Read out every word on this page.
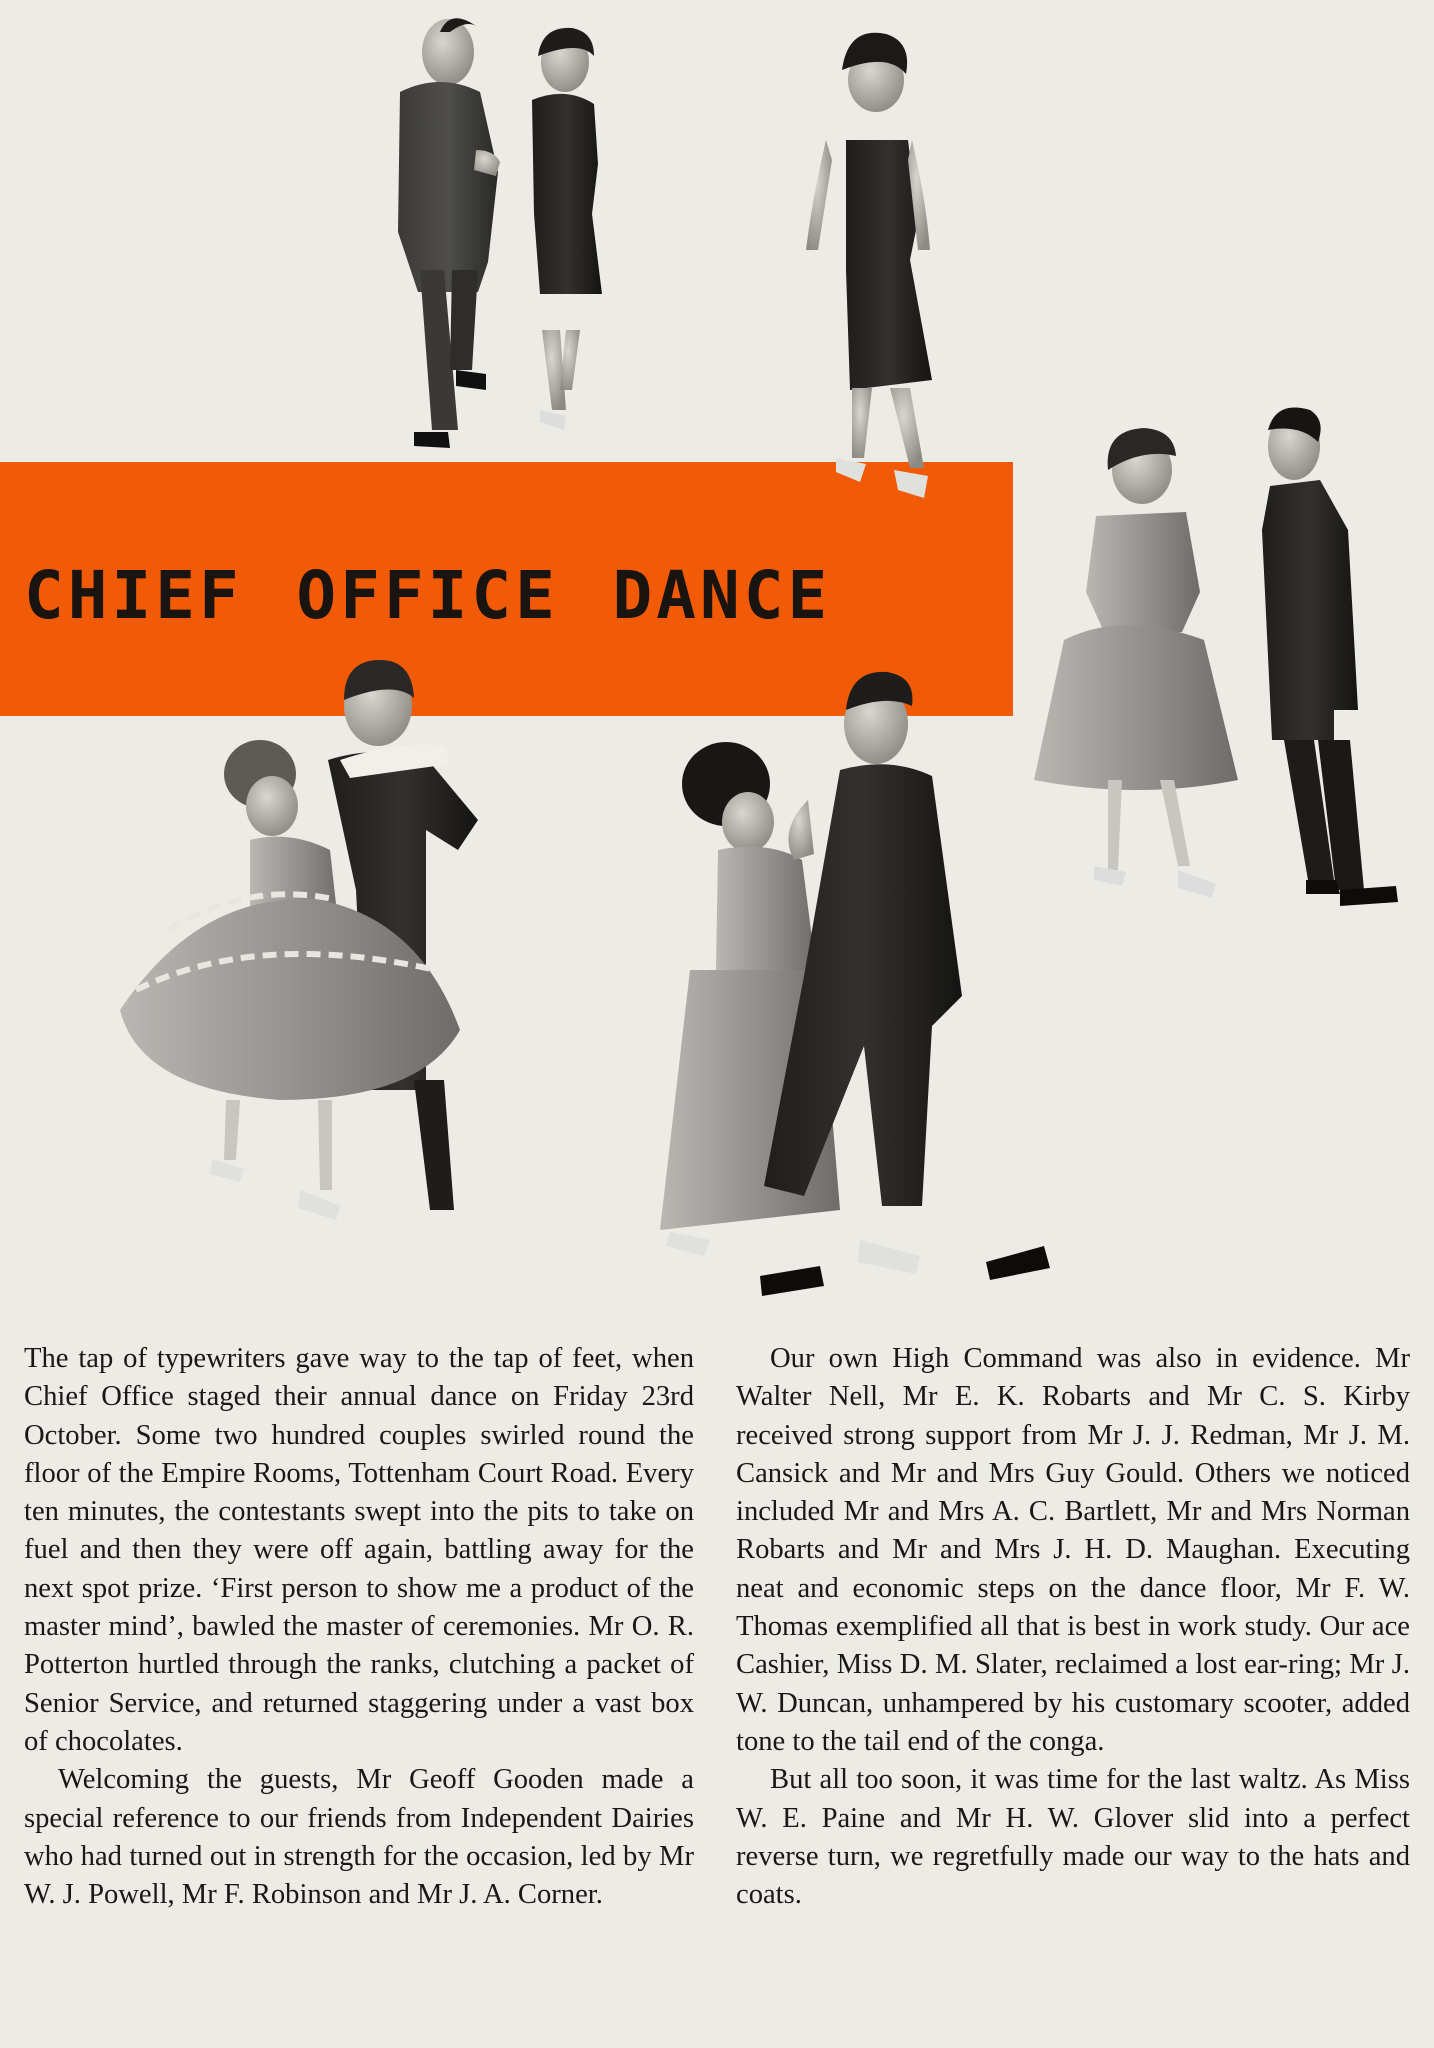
CHIEF OFFICE DANCE

The tap of typewriters gave way to the tap of feet, when Chief Office staged their annual dance on Friday 23rd October. Some two hundred couples swirled round the floor of the Empire Rooms, Tottenham Court Road. Every ten minutes, the contestants swept into the pits to take on fuel and then they were off again, battling away for the next spot prize. ‘First person to show me a product of the master mind’, bawled the master of ceremonies. Mr O. R. Potterton hurtled through the ranks, clutching a packet of Senior Service, and returned staggering under a vast box of chocolates.

Welcoming the guests, Mr Geoff Gooden made a special reference to our friends from Independent Dairies who had turned out in strength for the occasion, led by Mr W. J. Powell, Mr F. Robinson and Mr J. A. Corner.

Our own High Command was also in evidence. Mr Walter Nell, Mr E. K. Robarts and Mr C. S. Kirby received strong support from Mr J. J. Redman, Mr J. M. Cansick and Mr and Mrs Guy Gould. Others we noticed included Mr and Mrs A. C. Bartlett, Mr and Mrs Norman Robarts and Mr and Mrs J. H. D. Maughan. Executing neat and economic steps on the dance floor, Mr F. W. Thomas exemplified all that is best in work study. Our ace Cashier, Miss D. M. Slater, reclaimed a lost ear-ring; Mr J. W. Duncan, unhampered by his customary scooter, added tone to the tail end of the conga.

But all too soon, it was time for the last waltz. As Miss W. E. Paine and Mr H. W. Glover slid into a perfect reverse turn, we regretfully made our way to the hats and coats.
